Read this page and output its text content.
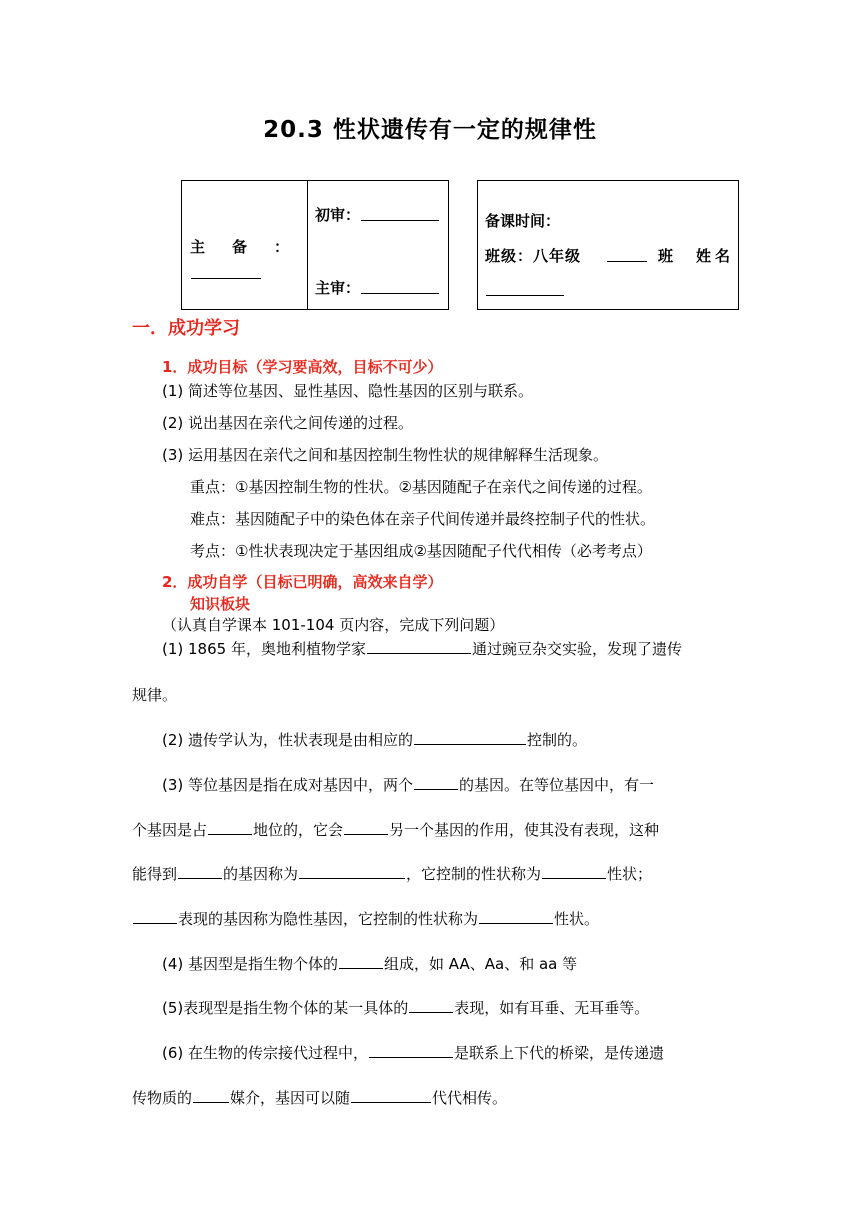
20.3 性状遗传有一定的规律性
主　备　：
初审：
主审：
备课时间：
班级：八年级	班 姓名
一．成功学习
1．成功目标（学习要高效，目标不可少）
(1) 简述等位基因、显性基因、隐性基因的区别与联系。
(2) 说出基因在亲代之间传递的过程。
(3) 运用基因在亲代之间和基因控制生物性状的规律解释生活现象。
重点：①基因控制生物的性状。②基因随配子在亲代之间传递的过程。
难点：基因随配子中的染色体在亲子代间传递并最终控制子代的性状。
考点：①性状表现决定于基因组成②基因随配子代代相传（必考考点）
2．成功自学（目标已明确，高效来自学）
知识板块
（认真自学课本 101-104 页内容，完成下列问题）
(1) 1865 年，奥地利植物学家	通过豌豆杂交实验，发现了遗传
规律。
(2) 遗传学认为，性状表现是由相应的	控制的。
(3) 等位基因是指在成对基因中，两个	的基因。在等位基因中，有一
个基因是占	地位的，它会	另一个基因的作用，使其没有表现，这种
能得到	的基因称为	，它控制的性状称为	性状；
表现的基因称为隐性基因，它控制的性状称为	性状。
(4) 基因型是指生物个体的	组成，如 AA、Aa、和 aa 等
(5)表现型是指生物个体的某一具体的	表现，如有耳垂、无耳垂等。
(6) 在生物的传宗接代过程中，	是联系上下代的桥梁，是传递遗
传物质的	媒介，基因可以随	代代相传。
